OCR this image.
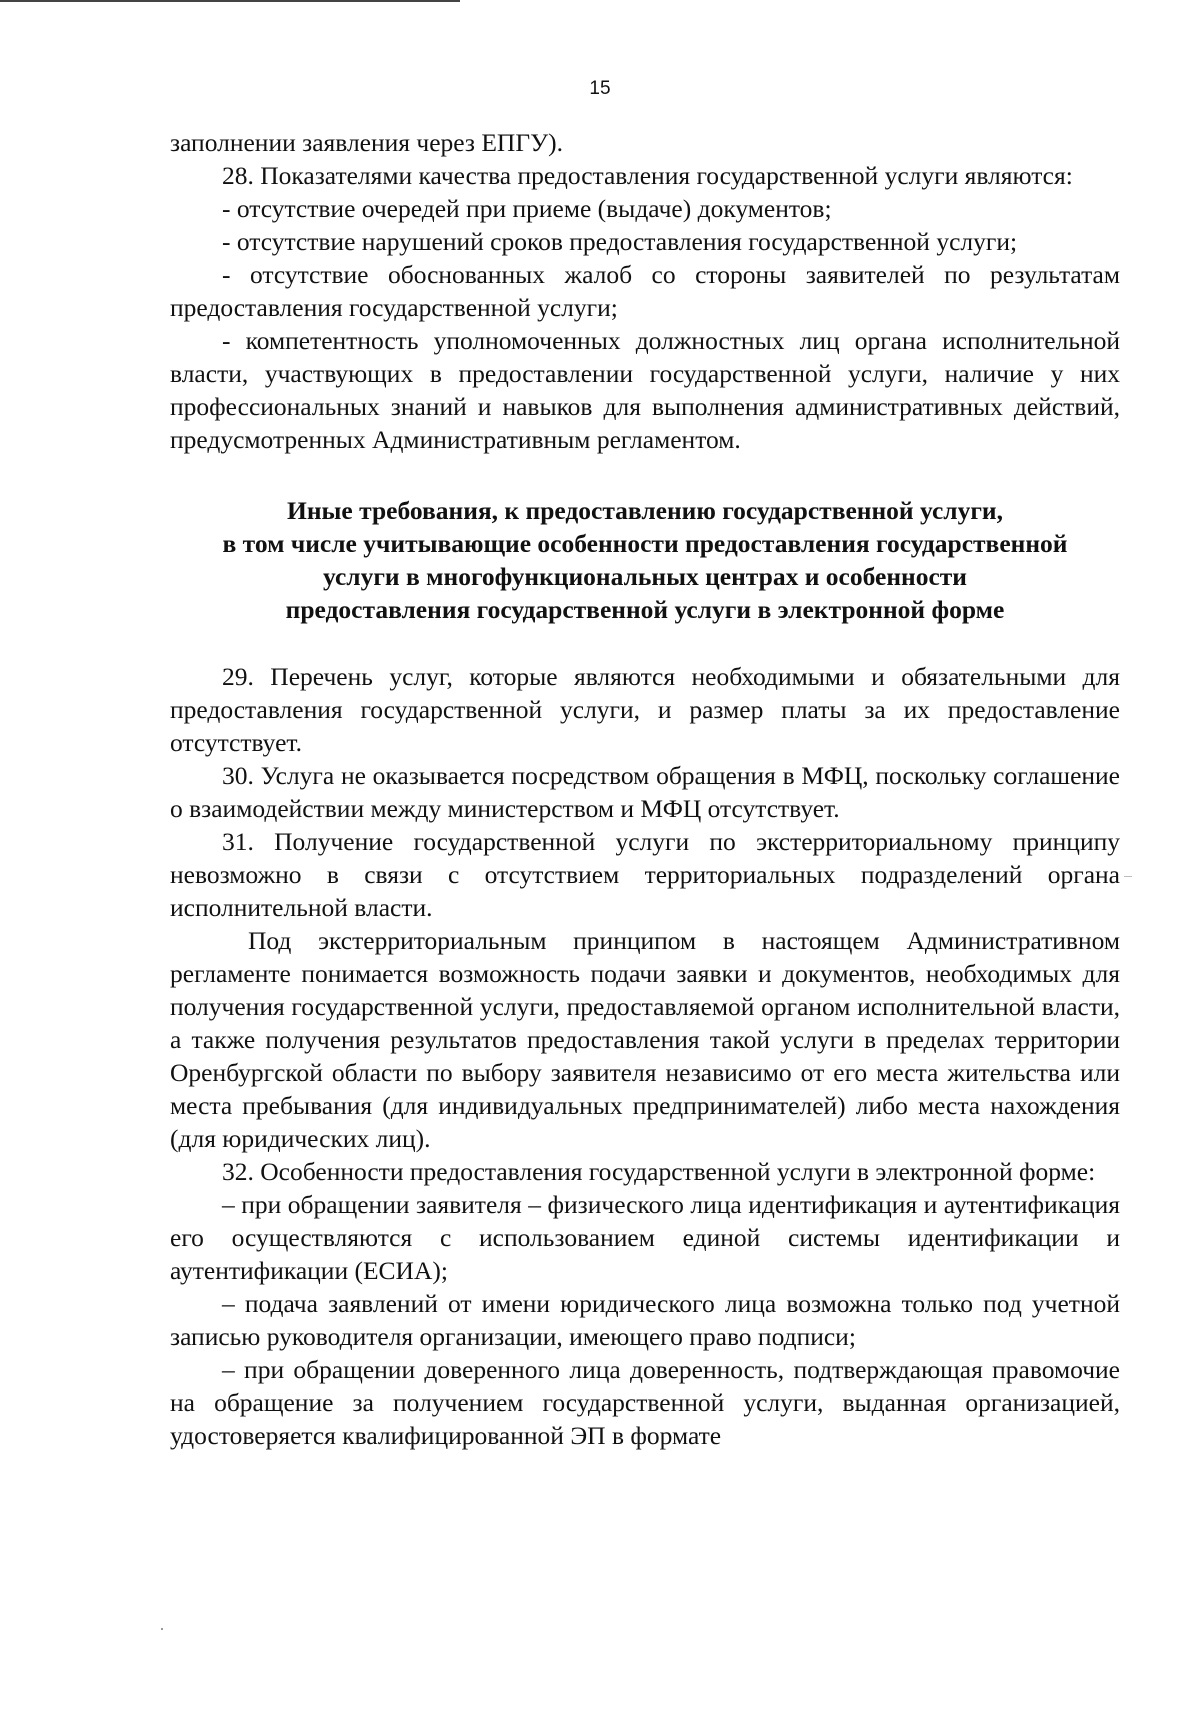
15

заполнении заявления через ЕПГУ).

28. Показателями качества предоставления государственной услуги являются:

- отсутствие очередей при приеме (выдаче) документов;

- отсутствие нарушений сроков предоставления государственной услуги;

- отсутствие обоснованных жалоб со стороны заявителей по результатам предоставления государственной услуги;

- компетентность уполномоченных должностных лиц органа исполнительной власти, участвующих в предоставлении государственной услуги, наличие у них профессиональных знаний и навыков для выполнения административных действий, предусмотренных Административным регламентом.

Иные требования, к предоставлению государственной услуги,
в том числе учитывающие особенности предоставления государственной
услуги в многофункциональных центрах и особенности
предоставления государственной услуги в электронной форме

29. Перечень услуг, которые являются необходимыми и обязательными для предоставления государственной услуги, и размер платы за их предоставление отсутствует.

30. Услуга не оказывается посредством обращения в МФЦ, поскольку соглашение о взаимодействии между министерством и МФЦ отсутствует.

31. Получение государственной услуги по экстерриториальному принципу невозможно в связи с отсутствием территориальных подразделений органа исполнительной власти.

Под экстерриториальным принципом в настоящем Административном регламенте понимается возможность подачи заявки и документов, необходимых для получения государственной услуги, предоставляемой органом исполнительной власти, а также получения результатов предоставления такой услуги в пределах территории Оренбургской области по выбору заявителя независимо от его места жительства или места пребывания (для индивидуальных предпринимателей) либо места нахождения (для юридических лиц).

32. Особенности предоставления государственной услуги в электронной форме:

– при обращении заявителя – физического лица идентификация и аутентификация его осуществляются с использованием единой системы идентификации и аутентификации (ЕСИА);

– подача заявлений от имени юридического лица возможна только под учетной записью руководителя организации, имеющего право подписи;

– при обращении доверенного лица доверенность, подтверждающая правомочие на обращение за получением государственной услуги, выданная организацией, удостоверяется квалифицированной ЭП в формате
